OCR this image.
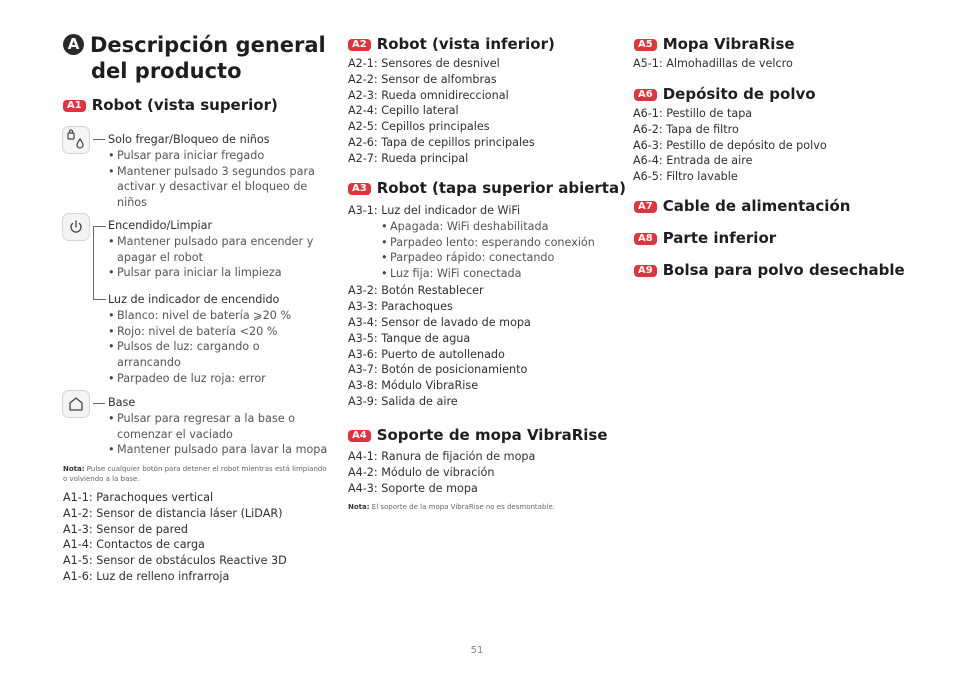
A Descripción general
del producto
A1 Robot (vista superior)
Solo fregar/Bloqueo de niños
• Pulsar para iniciar fregado
• Mantener pulsado 3 segundos para
activar y desactivar el bloqueo de
niños
Encendido/Limpiar
• Mantener pulsado para encender y
apagar el robot
• Pulsar para iniciar la limpieza
Luz de indicador de encendido
• Blanco: nivel de batería ⩾20 %
• Rojo: nivel de batería <20 %
• Pulsos de luz: cargando o
arrancando
• Parpadeo de luz roja: error
Base
• Pulsar para regresar a la base o
comenzar el vaciado
• Mantener pulsado para lavar la mopa
Nota: Pulse cualquier botón para detener el robot mientras está limpiando
o volviendo a la base.
A1-1: Parachoques vertical
A1-2: Sensor de distancia láser (LiDAR)
A1-3: Sensor de pared
A1-4: Contactos de carga
A1-5: Sensor de obstáculos Reactive 3D
A1-6: Luz de relleno infrarroja
A2 Robot (vista inferior)
A2-1: Sensores de desnivel
A2-2: Sensor de alfombras
A2-3: Rueda omnidireccional
A2-4: Cepillo lateral
A2-5: Cepillos principales
A2-6: Tapa de cepillos principales
A2-7: Rueda principal
A3 Robot (tapa superior abierta)
A3-1: Luz del indicador de WiFi
• Apagada: WiFi deshabilitada
• Parpadeo lento: esperando conexión
• Parpadeo rápido: conectando
• Luz fija: WiFi conectada
A3-2: Botón Restablecer
A3-3: Parachoques
A3-4: Sensor de lavado de mopa
A3-5: Tanque de agua
A3-6: Puerto de autollenado
A3-7: Botón de posicionamiento
A3-8: Módulo VibraRise
A3-9: Salida de aire
A4 Soporte de mopa VibraRise
A4-1: Ranura de fijación de mopa
A4-2: Módulo de vibración
A4-3: Soporte de mopa
Nota: El soporte de la mopa VibraRise no es desmontable.
A5 Mopa VibraRise
A5-1: Almohadillas de velcro
A6 Depósito de polvo
A6-1: Pestillo de tapa
A6-2: Tapa de filtro
A6-3: Pestillo de depósito de polvo
A6-4: Entrada de aire
A6-5: Filtro lavable
A7 Cable de alimentación
A8 Parte inferior
A9 Bolsa para polvo desechable
51
